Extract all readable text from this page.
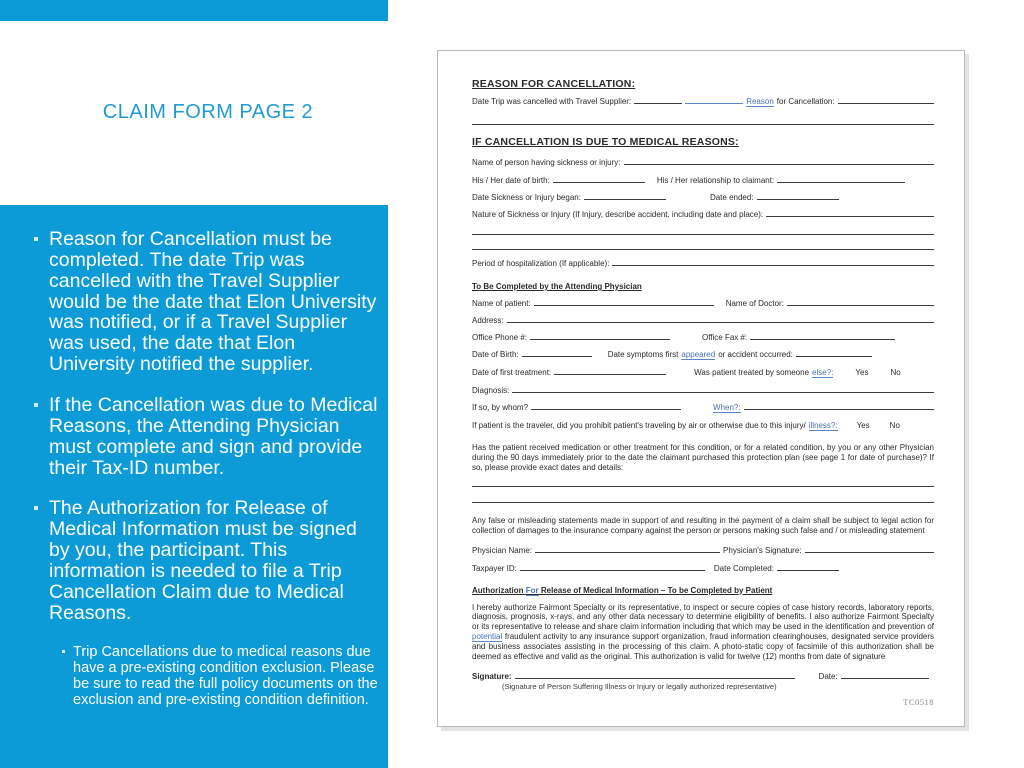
CLAIM FORM PAGE 2
Reason for Cancellation must be completed. The date Trip was cancelled with the Travel Supplier would be the date that Elon University was notified, or if a Travel Supplier was used, the date that Elon University notified the supplier.
If the Cancellation was due to Medical Reasons, the Attending Physician must complete and sign and provide their Tax-ID number.
The Authorization for Release of Medical Information must be signed by you, the participant. This information is needed to file a Trip Cancellation Claim due to Medical Reasons.
Trip Cancellations due to medical reasons due have a pre-existing condition exclusion. Please be sure to read the full policy documents on the exclusion and pre-existing condition definition.
REASON FOR CANCELLATION:
Date Trip was cancelled with Travel Supplier:	Reason for Cancellation:
IF CANCELLATION IS DUE TO MEDICAL REASONS:
Name of person having sickness or injury:
His / Her date of birth:	His / Her relationship to claimant:
Date Sickness or Injury began:	Date ended:
Nature of Sickness or Injury (If Injury, describe accident, including date and place):
Period of hospitalization (If applicable):
To Be Completed by the Attending Physician
Name of patient:	Name of Doctor:
Address:
Office Phone #:	Office Fax #:
Date of Birth:	Date symptoms first appeared or accident occurred:
Date of first treatment:	Was patient treated by someone else?:	Yes	No
Diagnosis:
If so, by whom?	When?:
If patient is the traveler, did you prohibit patient's traveling by air or otherwise due to this injury/ illness?: Yes	No
Has the patient received medication or other treatment for this condition, or for a related condition, by you or any other Physician during the 90 days immediately prior to the date the claimant purchased this protection plan (see page 1 for date of purchase)? If so, please provide exact dates and details:
Any false or misleading statements made in support of and resulting in the payment of a claim shall be subject to legal action for collection of damages to the insurance company against the person or persons making such false and / or misleading statement
Physician Name:	Physician's Signature:
Taxpayer ID:	Date Completed:
Authorization For Release of Medical Information – To be Completed by Patient
I hereby authorize Fairmont Specialty or its representative, to inspect or secure copies of case history records, laboratory reports, diagnosis, prognosis, x-rays, and any other data necessary to determine eligibility of benefits. I also authorize Fairmont Specialty or its representative to release and share claim information including that which may be used in the identification and prevention of potential fraudulent activity to any insurance support organization, fraud information clearinghouses, designated service providers and business associates assisting in the processing of this claim. A photo-static copy of facsimile of this authorization shall be deemed as effective and valid as the original. This authorization is valid for twelve (12) months from date of signature
Signature:	Date:
(Signature of Person Suffering Illness or Injury or legally authorized representative)
TC0518
